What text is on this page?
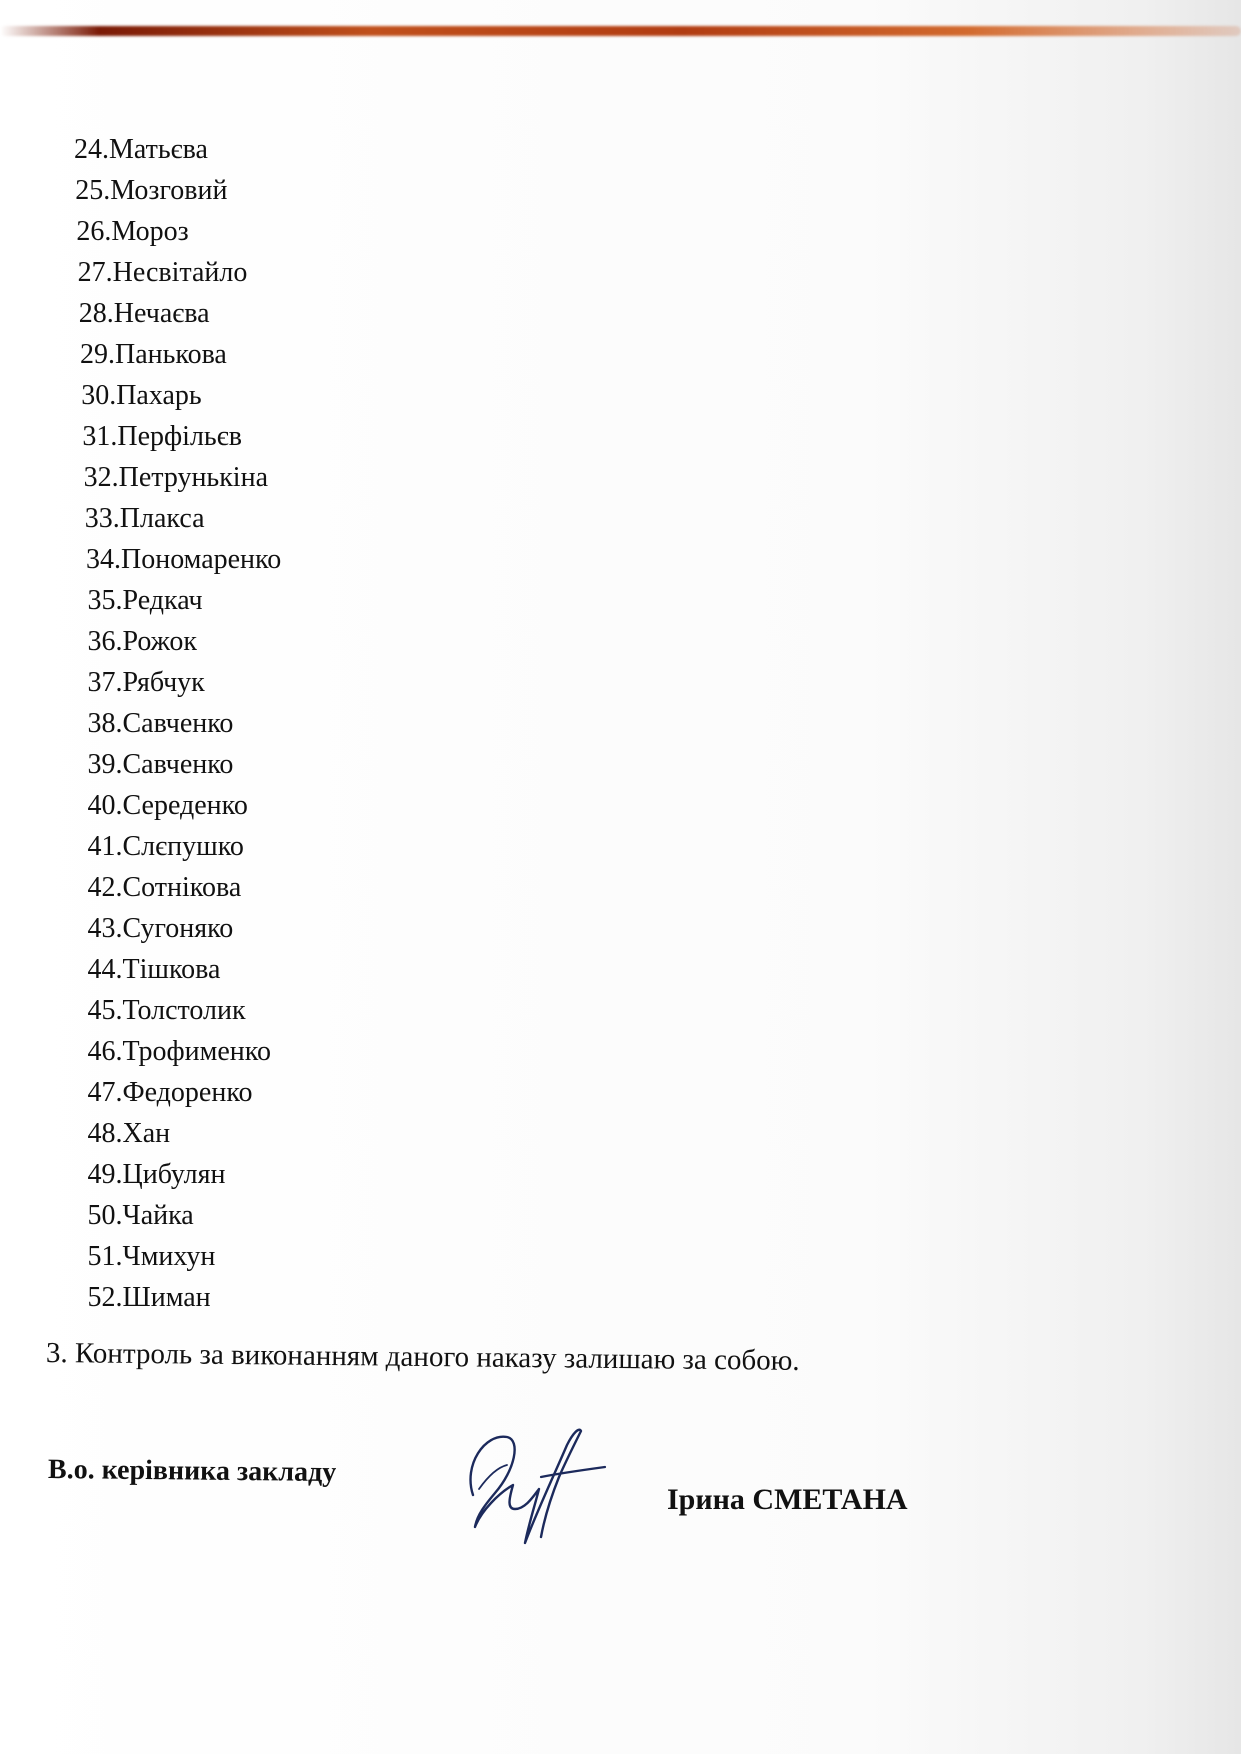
24.Матьєва
25.Мозговий
26.Мороз
27.Несвітайло
28.Нечаєва
29.Панькова
30.Пахарь
31.Перфільєв
32.Петрунькіна
33.Плакса
34.Пономаренко
35.Редкач
36.Рожок
37.Рябчук
38.Савченко
39.Савченко
40.Середенко
41.Слєпушко
42.Сотнікова
43.Сугоняко
44.Тішкова
45.Толстолик
46.Трофименко
47.Федоренко
48.Хан
49.Цибулян
50.Чайка
51.Чмихун
52.Шиман
3. Контроль за виконанням даного наказу залишаю за собою.
В.о. керівника закладу
Ірина СМЕТАНА
